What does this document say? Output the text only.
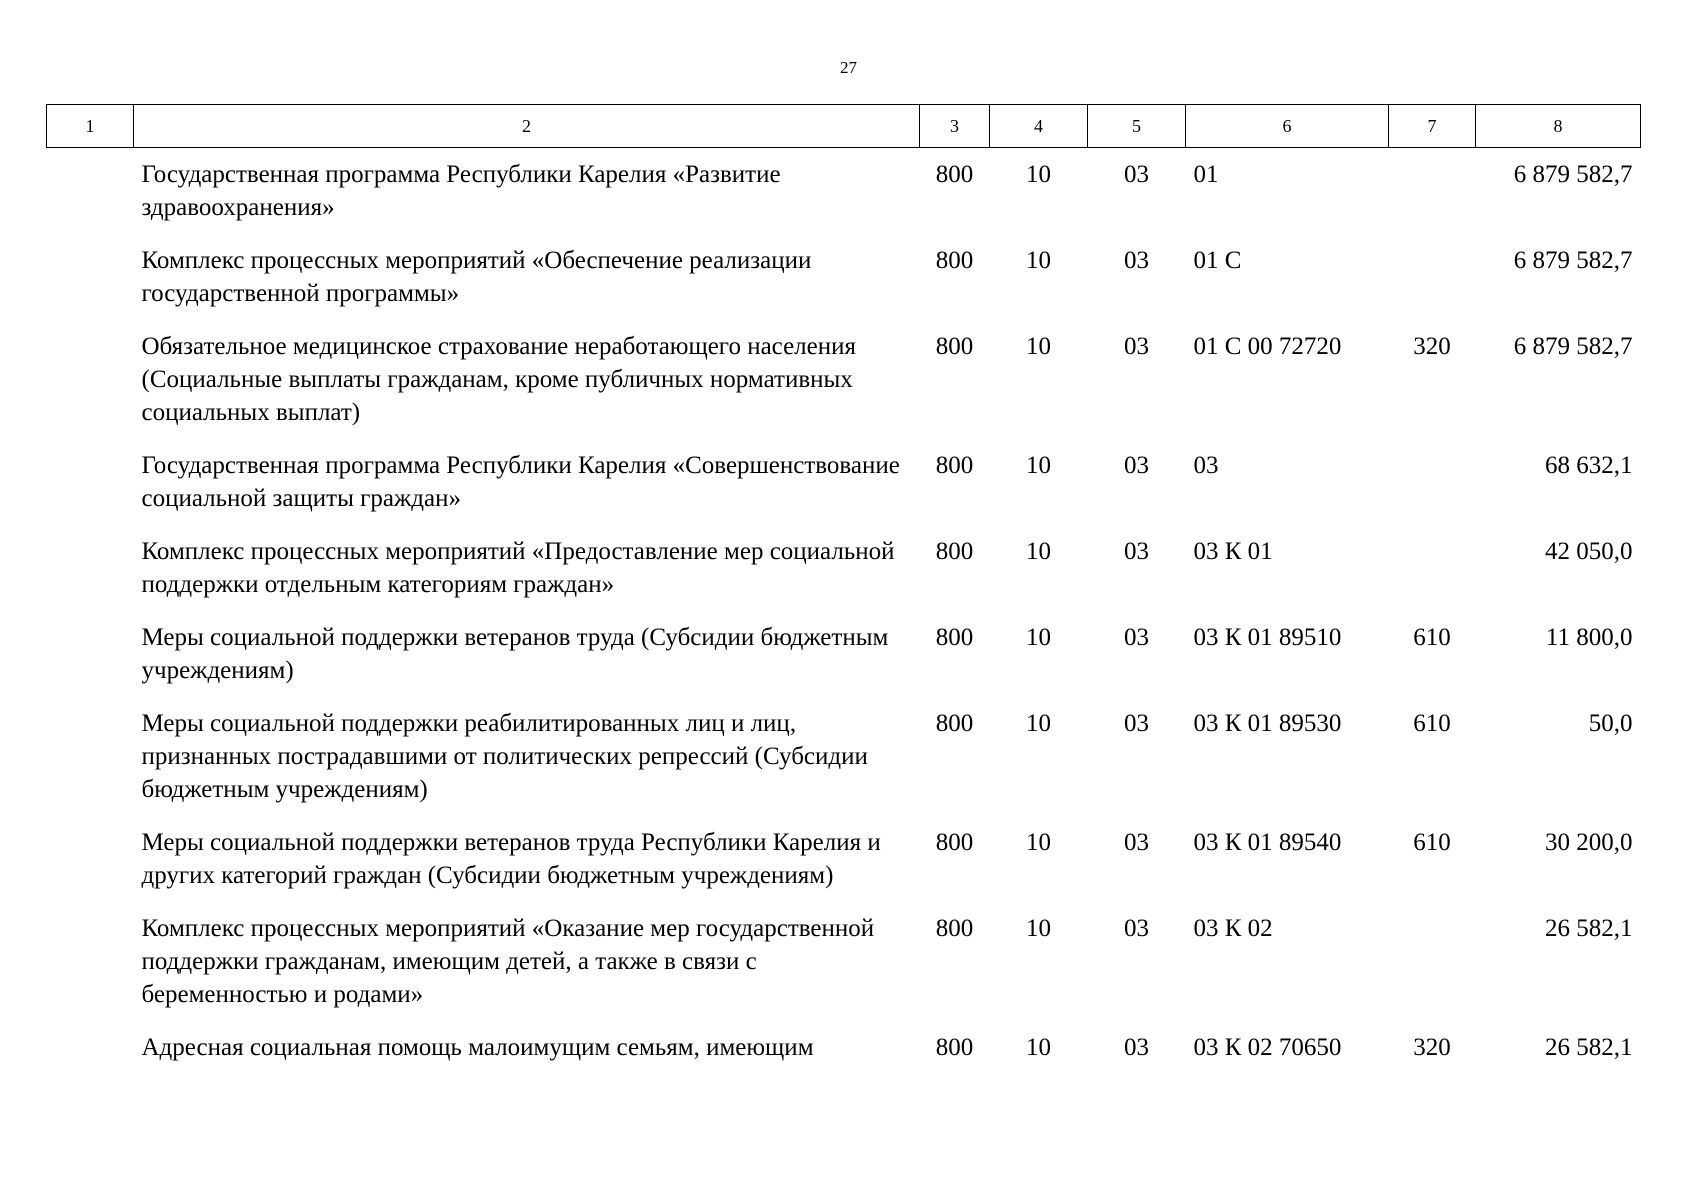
27
1	2	3	4	5	6	7	8
	Государственная программа Республики Карелия «Развитие здравоохранения»	800	10	03	01		6 879 582,7
	Комплекс процессных мероприятий «Обеспечение реализации государственной программы»	800	10	03	01 С		6 879 582,7
	Обязательное медицинское страхование неработающего населения (Социальные выплаты гражданам, кроме публичных нормативных социальных выплат)	800	10	03	01 С 00 72720	320	6 879 582,7
	Государственная программа Республики Карелия «Совершенствование социальной защиты граждан»	800	10	03	03		68 632,1
	Комплекс процессных мероприятий «Предоставление мер социальной поддержки отдельным категориям граждан»	800	10	03	03 К 01		42 050,0
	Меры социальной поддержки ветеранов труда (Субсидии бюджетным учреждениям)	800	10	03	03 К 01 89510	610	11 800,0
	Меры социальной поддержки реабилитированных лиц и лиц, признанных пострадавшими от политических репрессий (Субсидии бюджетным учреждениям)	800	10	03	03 К 01 89530	610	50,0
	Меры социальной поддержки ветеранов труда Республики Карелия и других категорий граждан (Субсидии бюджетным учреждениям)	800	10	03	03 К 01 89540	610	30 200,0
	Комплекс процессных мероприятий «Оказание мер государственной поддержки гражданам, имеющим детей, а также в связи с беременностью и родами»	800	10	03	03 К 02		26 582,1
	Адресная социальная помощь малоимущим семьям, имеющим	800	10	03	03 К 02 70650	320	26 582,1
